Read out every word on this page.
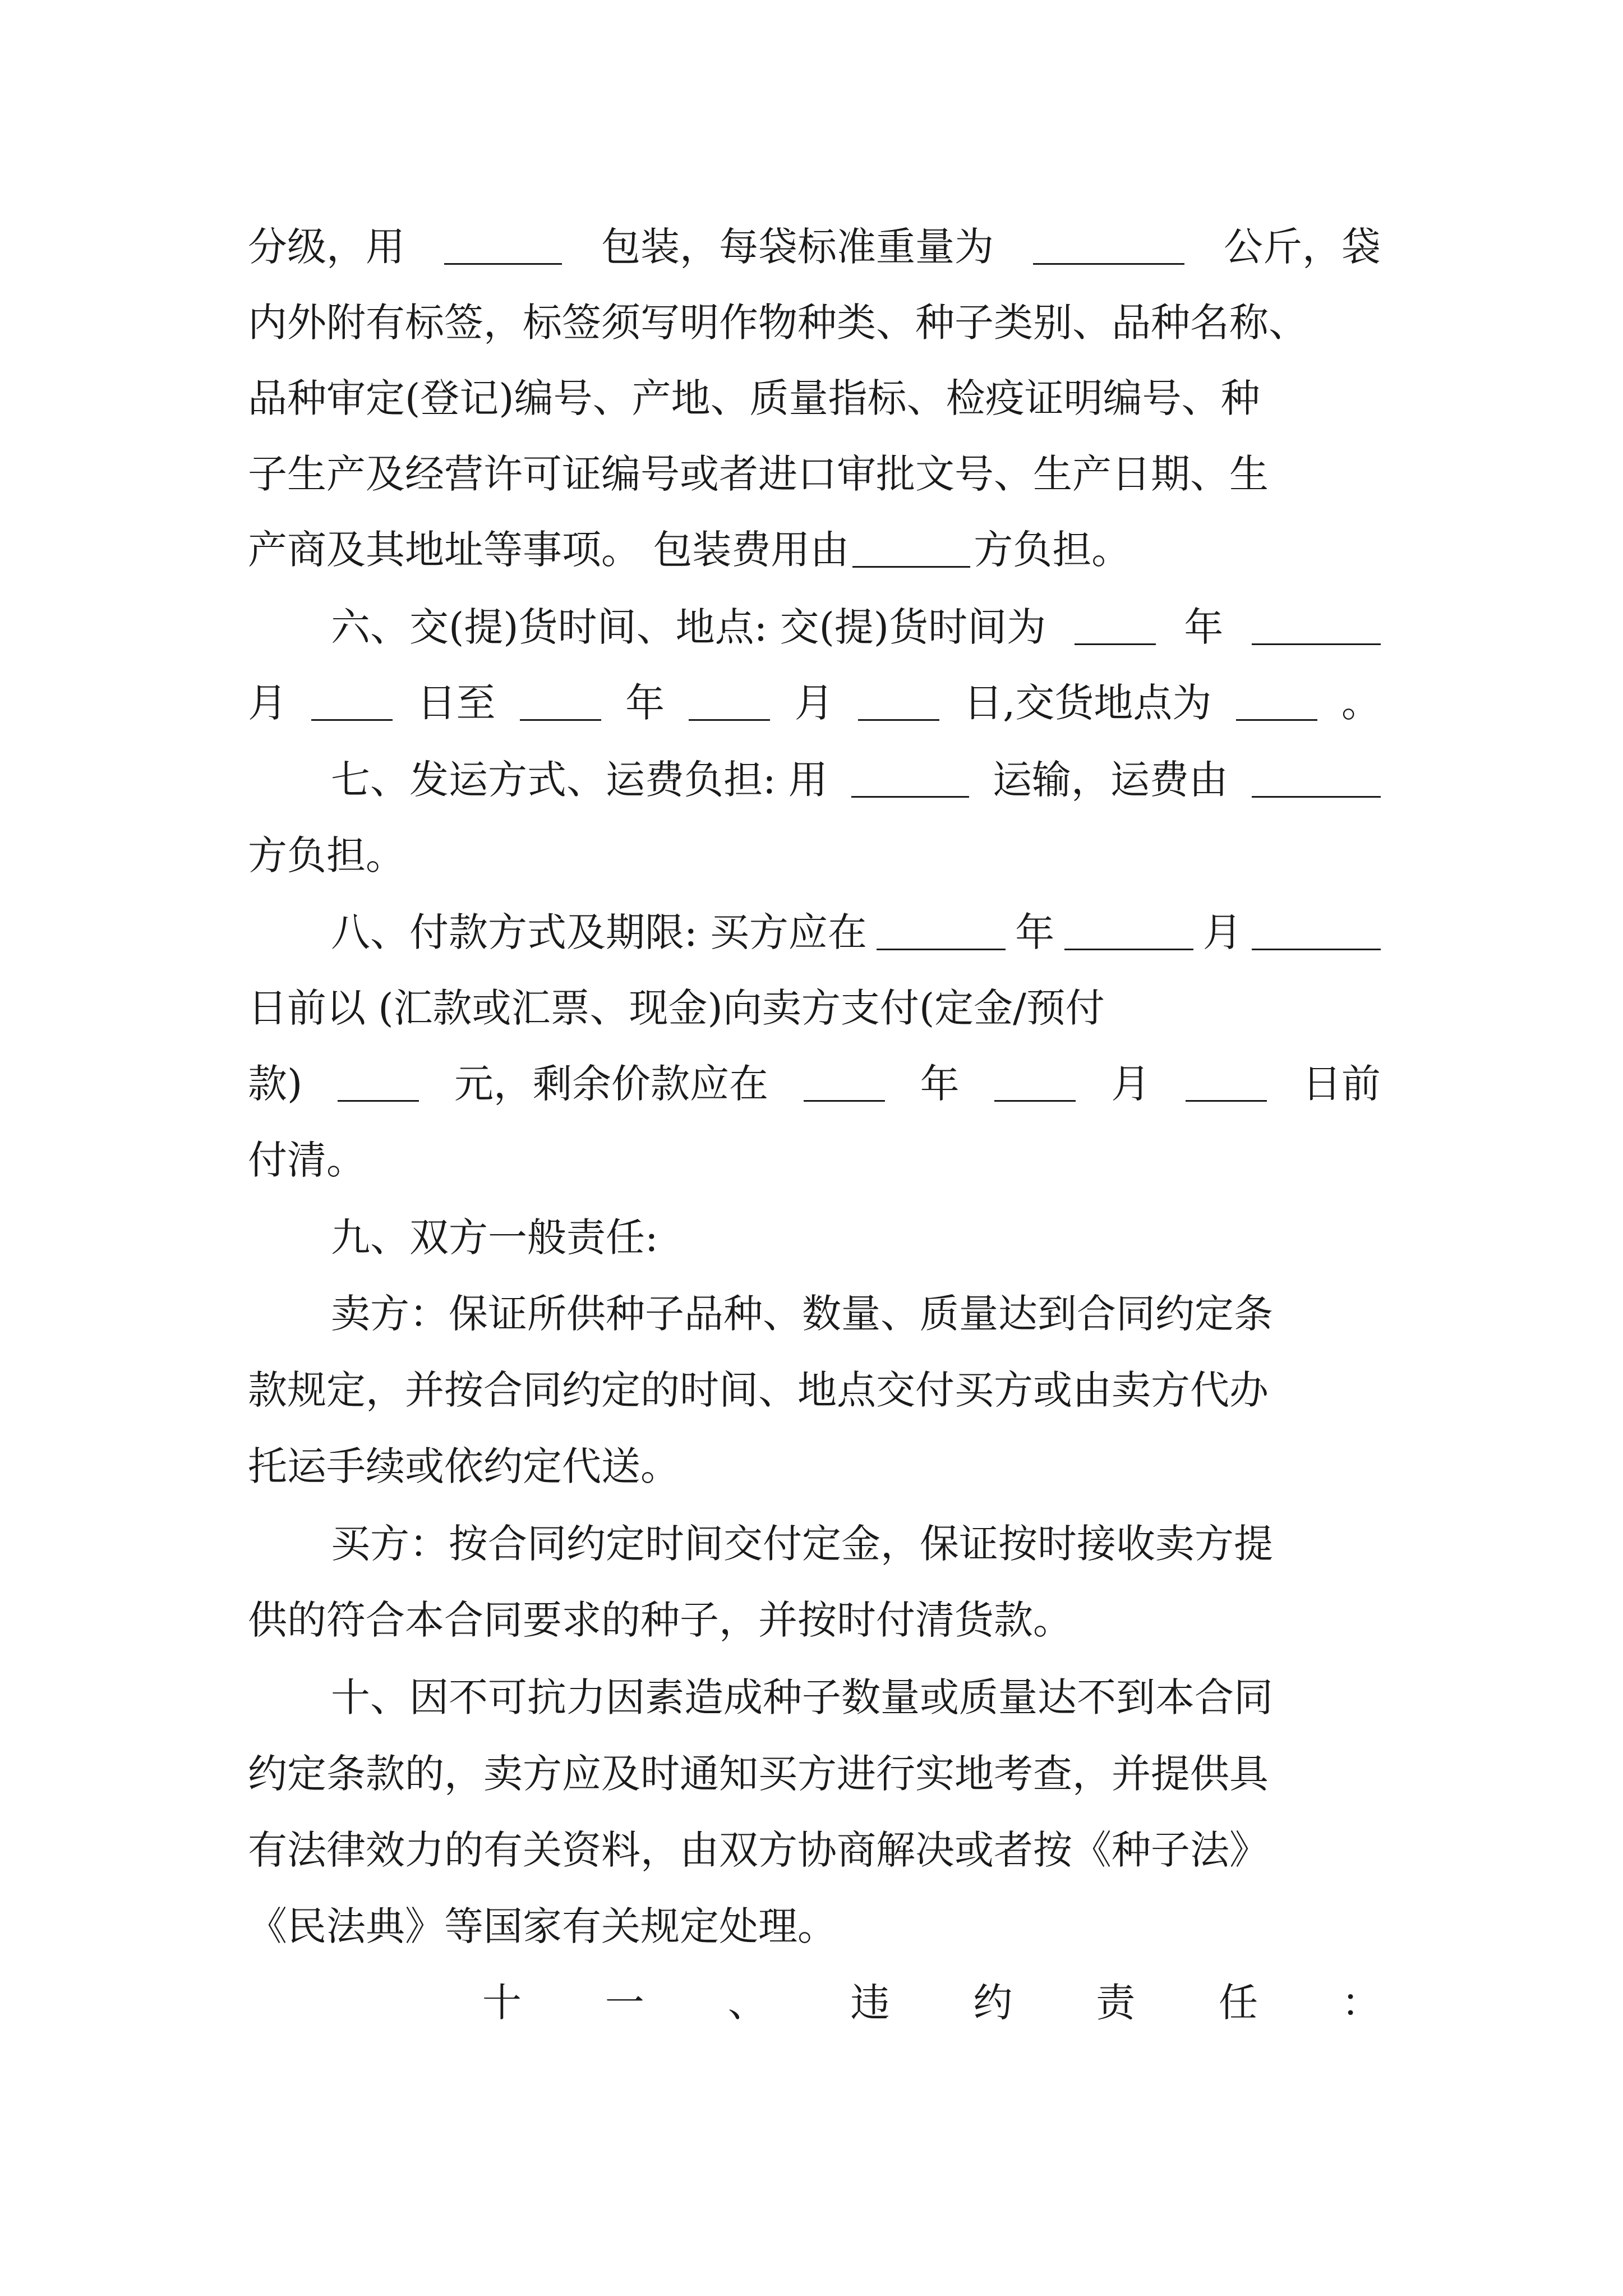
分级，用	包装，每袋标准重量为	公斤，袋
内外附有标签，标签须写明作物种类、种子类别、品种名称、
品种审定(登记)编号、产地、质量指标、检疫证明编号、种
子生产及经营许可证编号或者进口审批文号、生产日期、生
产商及其地址等事项。 包装费用由	方负担。
六、交(提)货时间、地点: 交(提)货时间为	年
月	日至	年	月	日,交货地点为	。
七、发运方式、运费负担: 用	运输，运费由
方负担。
八、付款方式及期限: 买方应在	年	月
日前以 (汇款或汇票、现金)向卖方支付(定金/预付
款)	元，剩余价款应在	年	月	日前
付清。
九、双方一般责任:
卖方：保证所供种子品种、数量、质量达到合同约定条
款规定，并按合同约定的时间、地点交付买方或由卖方代办
托运手续或依约定代送。
买方：按合同约定时间交付定金，保证按时接收卖方提
供的符合本合同要求的种子，并按时付清货款。
十、因不可抗力因素造成种子数量或质量达不到本合同
约定条款的，卖方应及时通知买方进行实地考查，并提供具
有法律效力的有关资料，由双方协商解决或者按《种子法》
《民法典》等国家有关规定处理。
十 一 、 违 约 责 任 ：
